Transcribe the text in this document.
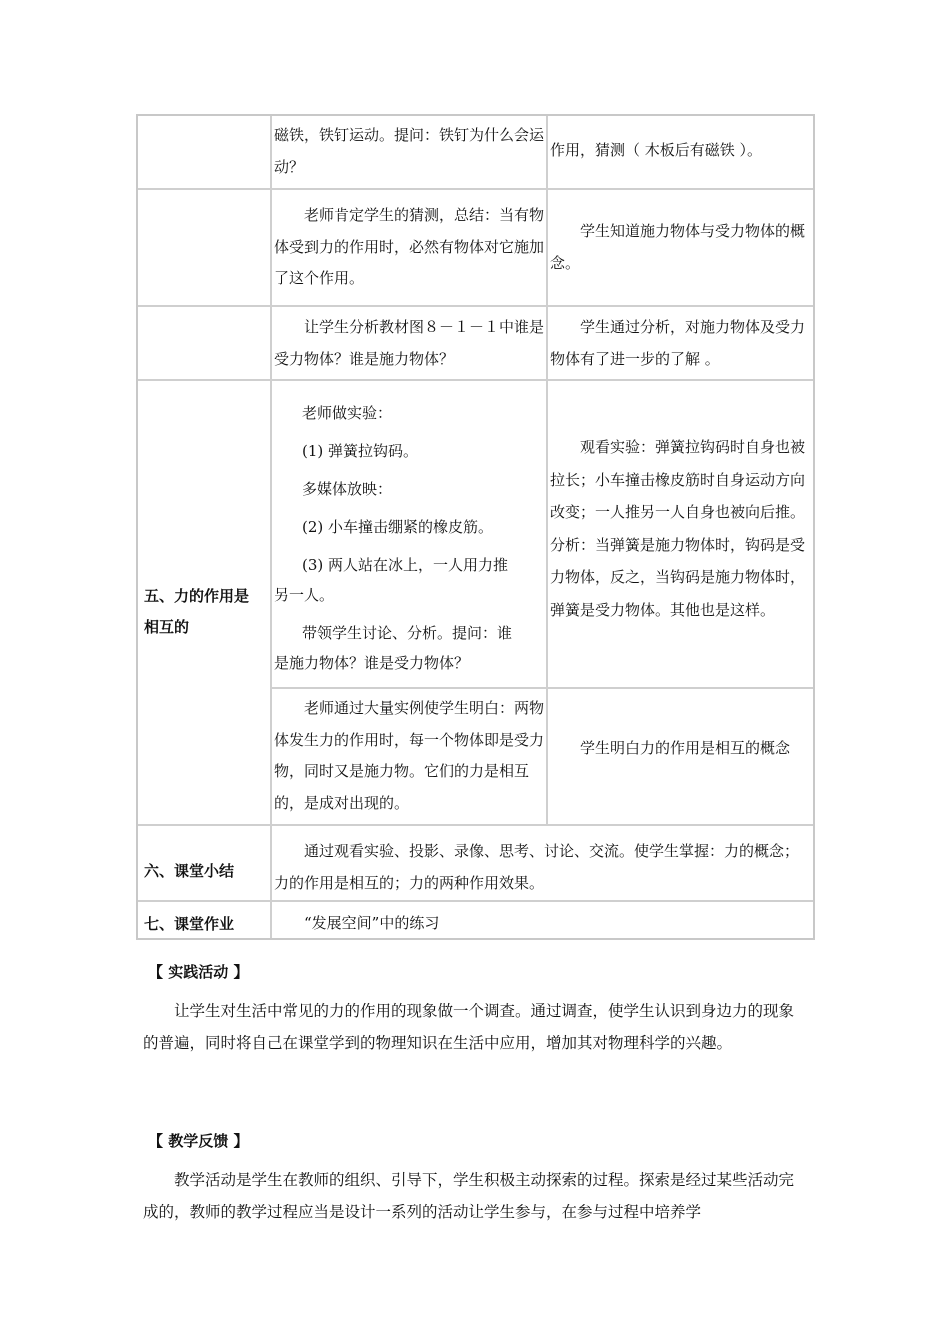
磁铁，铁钉运动。提问：铁钉为什么会运动？
作用，猜测（ 木板后有磁铁 ）。
老师肯定学生的猜测，总结：当有物体受到力的作用时，必然有物体对它施加了这个作用。
学生知道施力物体与受力物体的概念。
让学生分析教材图８－１－１中谁是受力物体？谁是施力物体？
学生通过分析，对施力物体及受力物体有了进一步的了解 。
五、力的作用是
相互的
老师做实验：
(1) 弹簧拉钩码。
多媒体放映：
(2) 小车撞击绷紧的橡皮筋。
(3) 两人站在冰上，一人用力推
另一人。
带领学生讨论、分析。提问：谁
是施力物体？谁是受力物体？
观看实验：弹簧拉钩码时自身也被拉长；小车撞击橡皮筋时自身运动方向改变；一人推另一人自身也被向后推。分析：当弹簧是施力物体时，钩码是受力物体，反之，当钩码是施力物体时，弹簧是受力物体。其他也是这样。
老师通过大量实例使学生明白：两物体发生力的作用时，每一个物体即是受力物，同时又是施力物。它们的力是相互的，是成对出现的。
学生明白力的作用是相互的概念
六、课堂小结
通过观看实验、投影、录像、思考、讨论、交流。使学生掌握：力的概念；力的作用是相互的；力的两种作用效果。
七、课堂作业	“发展空间”中的练习
【 实践活动 】
让学生对生活中常见的力的作用的现象做一个调查。通过调查，使学生认识到身边力的现象的普遍，同时将自己在课堂学到的物理知识在生活中应用，增加其对物理科学的兴趣。
【 教学反馈 】
教学活动是学生在教师的组织、引导下，学生积极主动探索的过程。探索是经过某些活动完成的，教师的教学过程应当是设计一系列的活动让学生参与，在参与过程中培养学
